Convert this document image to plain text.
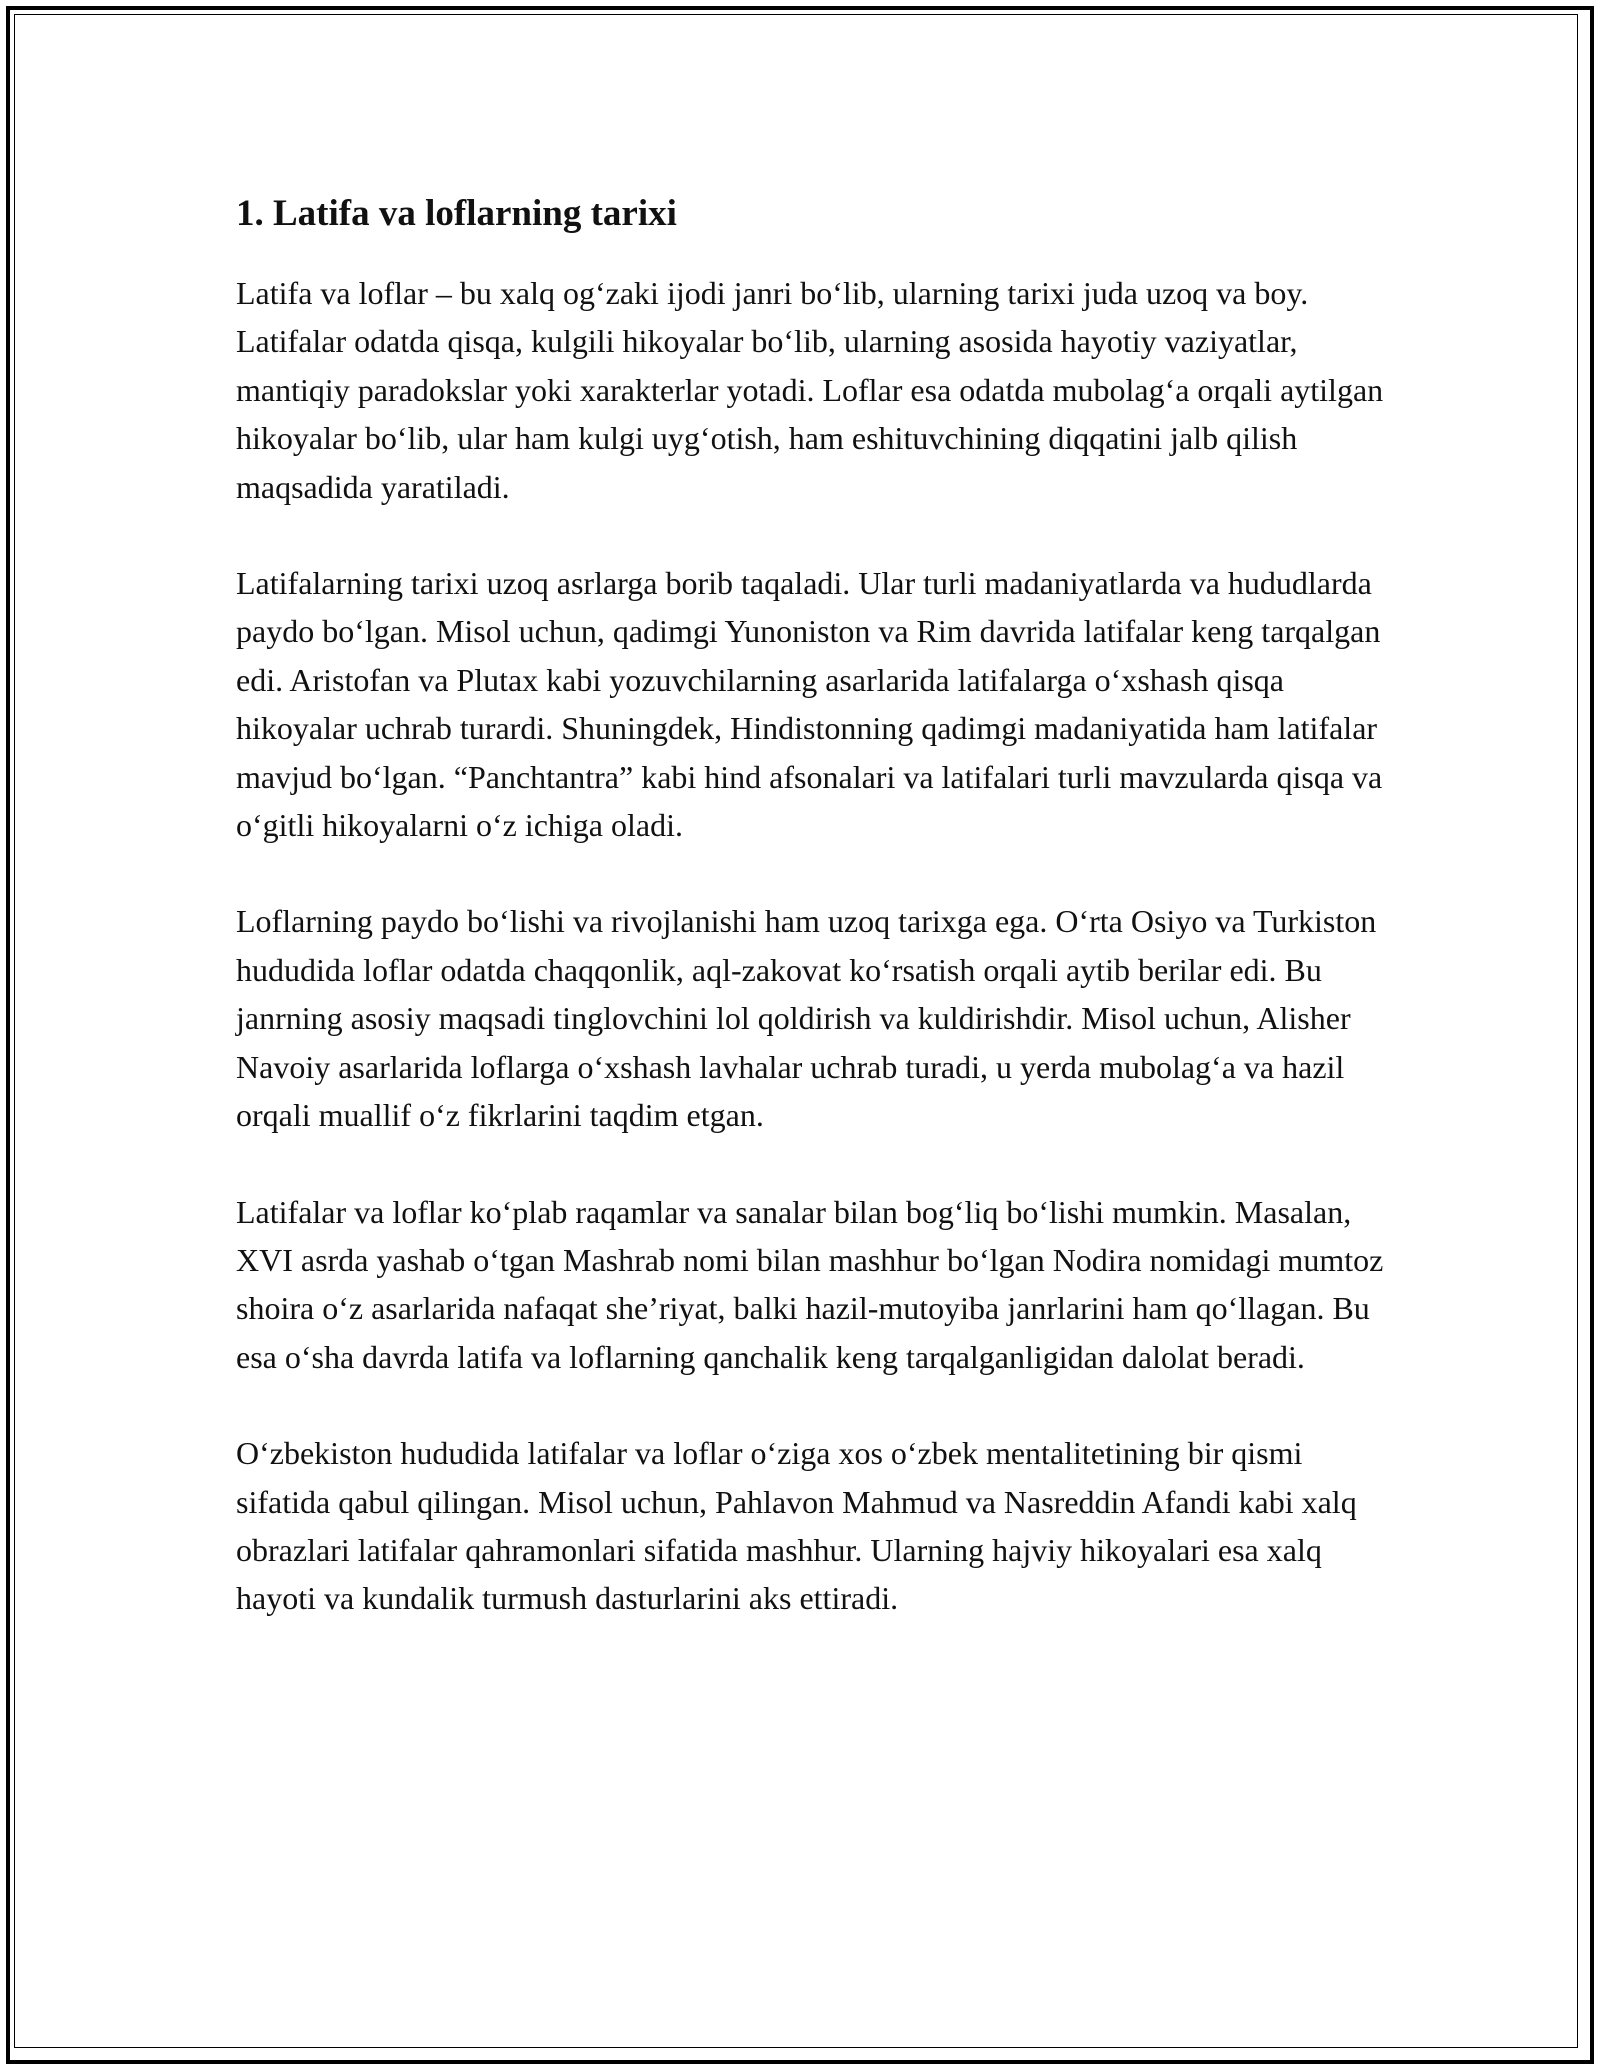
1. Latifa va loflarning tarixi

Latifa va loflar – bu xalq og‘zaki ijodi janri bo‘lib, ularning tarixi juda uzoq va boy. Latifalar odatda qisqa, kulgili hikoyalar bo‘lib, ularning asosida hayotiy vaziyatlar, mantiqiy paradokslar yoki xarakterlar yotadi. Loflar esa odatda mubolag‘a orqali aytilgan hikoyalar bo‘lib, ular ham kulgi uyg‘otish, ham eshituvchining diqqatini jalb qilish maqsadida yaratiladi.

Latifalarning tarixi uzoq asrlarga borib taqaladi. Ular turli madaniyatlarda va hududlarda paydo bo‘lgan. Misol uchun, qadimgi Yunoniston va Rim davrida latifalar keng tarqalgan edi. Aristofan va Plutax kabi yozuvchilarning asarlarida latifalarga o‘xshash qisqa hikoyalar uchrab turardi. Shuningdek, Hindistonning qadimgi madaniyatida ham latifalar mavjud bo‘lgan. “Panchtantra” kabi hind afsonalari va latifalari turli mavzularda qisqa va o‘gitli hikoyalarni o‘z ichiga oladi.

Loflarning paydo bo‘lishi va rivojlanishi ham uzoq tarixga ega. O‘rta Osiyo va Turkiston hududida loflar odatda chaqqonlik, aql-zakovat ko‘rsatish orqali aytib berilar edi. Bu janrning asosiy maqsadi tinglovchini lol qoldirish va kuldirishdir. Misol uchun, Alisher Navoiy asarlarida loflarga o‘xshash lavhalar uchrab turadi, u yerda mubolag‘a va hazil orqali muallif o‘z fikrlarini taqdim etgan.

Latifalar va loflar ko‘plab raqamlar va sanalar bilan bog‘liq bo‘lishi mumkin. Masalan, XVI asrda yashab o‘tgan Mashrab nomi bilan mashhur bo‘lgan Nodira nomidagi mumtoz shoira o‘z asarlarida nafaqat she’riyat, balki hazil-mutoyiba janrlarini ham qo‘llagan. Bu esa o‘sha davrda latifa va loflarning qanchalik keng tarqalganligidan dalolat beradi.

O‘zbekiston hududida latifalar va loflar o‘ziga xos o‘zbek mentalitetining bir qismi sifatida qabul qilingan. Misol uchun, Pahlavon Mahmud va Nasreddin Afandi kabi xalq obrazlari latifalar qahramonlari sifatida mashhur. Ularning hajviy hikoyalari esa xalq hayoti va kundalik turmush dasturlarini aks ettiradi.
